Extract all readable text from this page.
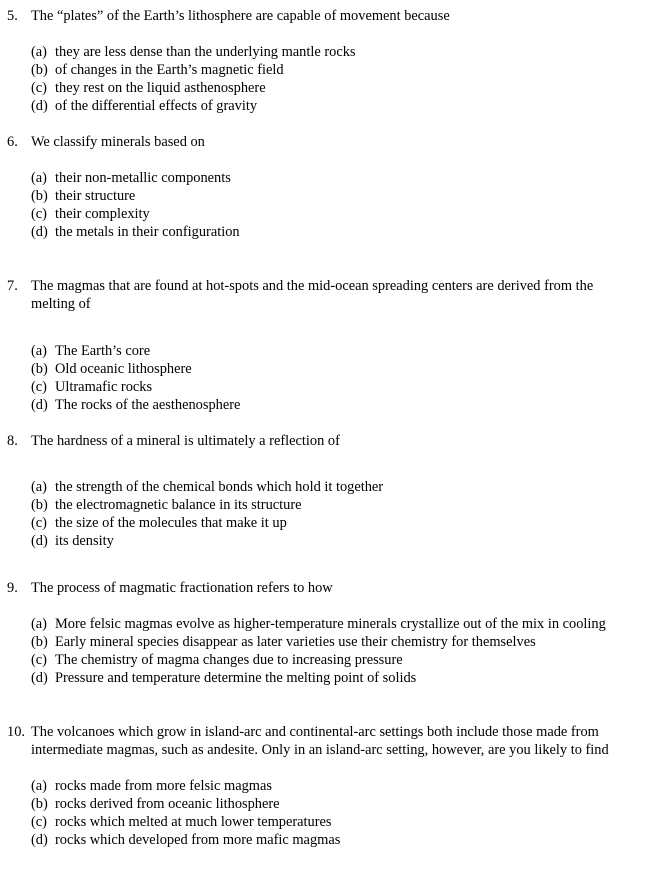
5. The “plates” of the Earth’s lithosphere are capable of movement because
(a) they are less dense than the underlying mantle rocks
(b) of changes in the Earth’s magnetic field
(c) they rest on the liquid asthenosphere
(d) of the differential effects of gravity
6. We classify minerals based on
(a) their non-metallic components
(b) their structure
(c) their complexity
(d) the metals in their configuration
7. The magmas that are found at hot-spots and the mid-ocean spreading centers are derived from the
melting of
(a) The Earth’s core
(b) Old oceanic lithosphere
(c) Ultramafic rocks
(d) The rocks of the aesthenosphere
8. The hardness of a mineral is ultimately a reflection of
(a) the strength of the chemical bonds which hold it together
(b) the electromagnetic balance in its structure
(c) the size of the molecules that make it up
(d) its density
9. The process of magmatic fractionation refers to how
(a) More felsic magmas evolve as higher-temperature minerals crystallize out of the mix in cooling
(b) Early mineral species disappear as later varieties use their chemistry for themselves
(c) The chemistry of magma changes due to increasing pressure
(d) Pressure and temperature determine the melting point of solids
10. The volcanoes which grow in island-arc and continental-arc settings both include those made from
intermediate magmas, such as andesite. Only in an island-arc setting, however, are you likely to find
(a) rocks made from more felsic magmas
(b) rocks derived from oceanic lithosphere
(c) rocks which melted at much lower temperatures
(d) rocks which developed from more mafic magmas
